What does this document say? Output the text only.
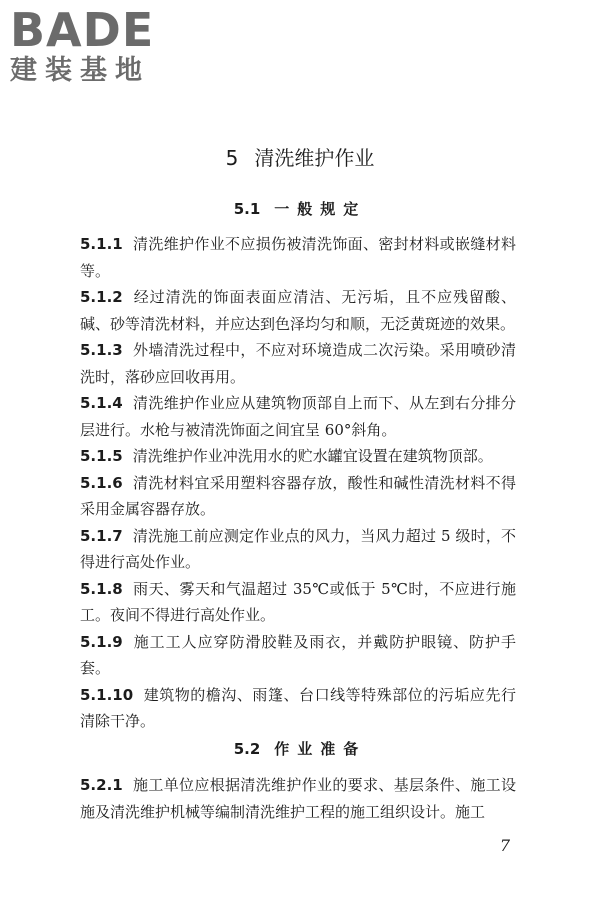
BADE
建装基地
5 清洗维护作业
5.1 一般规定
5.1.1 清洗维护作业不应损伤被清洗饰面、密封材料或嵌缝材料等。
5.1.2 经过清洗的饰面表面应清洁、无污垢，且不应残留酸、碱、砂等清洗材料，并应达到色泽均匀和顺，无泛黄斑迹的效果。
5.1.3 外墙清洗过程中，不应对环境造成二次污染。采用喷砂清洗时，落砂应回收再用。
5.1.4 清洗维护作业应从建筑物顶部自上而下、从左到右分排分层进行。水枪与被清洗饰面之间宜呈 60°斜角。
5.1.5 清洗维护作业冲洗用水的贮水罐宜设置在建筑物顶部。
5.1.6 清洗材料宜采用塑料容器存放，酸性和碱性清洗材料不得采用金属容器存放。
5.1.7 清洗施工前应测定作业点的风力，当风力超过 5 级时，不得进行高处作业。
5.1.8 雨天、雾天和气温超过 35℃或低于 5℃时，不应进行施工。夜间不得进行高处作业。
5.1.9 施工工人应穿防滑胶鞋及雨衣，并戴防护眼镜、防护手套。
5.1.10 建筑物的檐沟、雨篷、台口线等特殊部位的污垢应先行清除干净。
5.2 作业准备
5.2.1 施工单位应根据清洗维护作业的要求、基层条件、施工设施及清洗维护机械等编制清洗维护工程的施工组织设计。施工
7
